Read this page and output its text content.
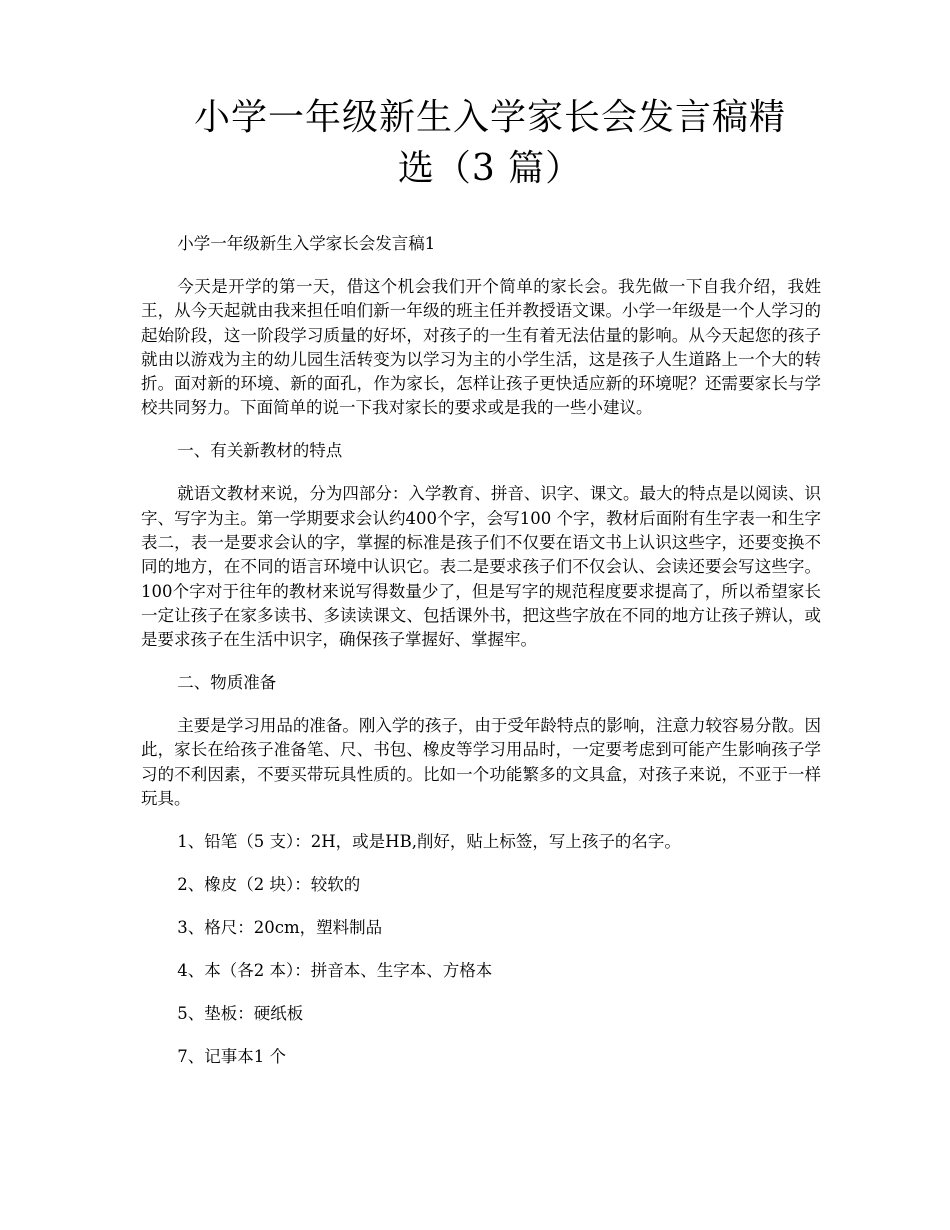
小学一年级新生入学家长会发言稿精
选（3 篇）

小学一年级新生入学家长会发言稿1

今天是开学的第一天，借这个机会我们开个简单的家长会。我先做一下自我介绍，我姓王，从今天起就由我来担任咱们新一年级的班主任并教授语文课。小学一年级是一个人学习的起始阶段，这一阶段学习质量的好坏，对孩子的一生有着无法估量的影响。从今天起您的孩子就由以游戏为主的幼儿园生活转变为以学习为主的小学生活，这是孩子人生道路上一个大的转折。面对新的环境、新的面孔，作为家长，怎样让孩子更快适应新的环境呢？还需要家长与学校共同努力。下面简单的说一下我对家长的要求或是我的一些小建议。

一、有关新教材的特点

就语文教材来说，分为四部分：入学教育、拼音、识字、课文。最大的特点是以阅读、识字、写字为主。第一学期要求会认约400个字，会写100 个字，教材后面附有生字表一和生字表二，表一是要求会认的字，掌握的标准是孩子们不仅要在语文书上认识这些字，还要变换不同的地方，在不同的语言环境中认识它。表二是要求孩子们不仅会认、会读还要会写这些字。100个字对于往年的教材来说写得数量少了，但是写字的规范程度要求提高了，所以希望家长一定让孩子在家多读书、多读读课文、包括课外书，把这些字放在不同的地方让孩子辨认，或是要求孩子在生活中识字，确保孩子掌握好、掌握牢。

二、物质准备

主要是学习用品的准备。刚入学的孩子，由于受年龄特点的影响，注意力较容易分散。因此，家长在给孩子准备笔、尺、书包、橡皮等学习用品时，一定要考虑到可能产生影响孩子学习的不利因素，不要买带玩具性质的。比如一个功能繁多的文具盒，对孩子来说，不亚于一样玩具。

1、铅笔（5 支）：2H，或是HB,削好，贴上标签，写上孩子的名字。

2、橡皮（2 块）：较软的

3、格尺：20cm，塑料制品

4、本（各2 本）：拼音本、生字本、方格本

5、垫板：硬纸板

7、记事本1 个
